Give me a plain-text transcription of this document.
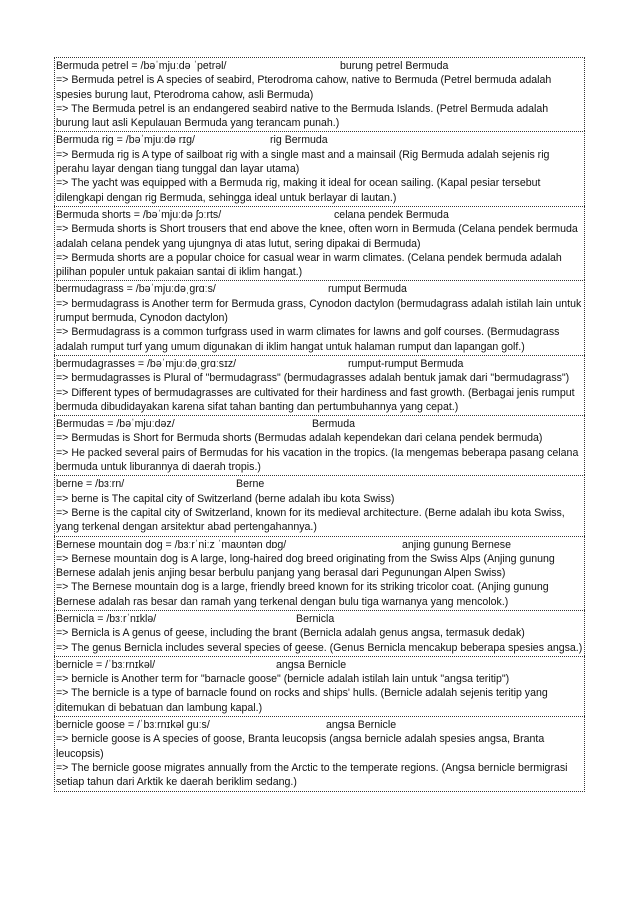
Bermuda petrel = /bəˈmjuːdə ˈpetrəl/	burung petrel Bermuda
=> Bermuda petrel is A species of seabird, Pterodroma cahow, native to Bermuda (Petrel bermuda adalah spesies burung laut, Pterodroma cahow, asli Bermuda)
=> The Bermuda petrel is an endangered seabird native to the Bermuda Islands. (Petrel Bermuda adalah burung laut asli Kepulauan Bermuda yang terancam punah.)
Bermuda rig = /bəˈmjuːdə rɪɡ/	rig Bermuda
=> Bermuda rig is A type of sailboat rig with a single mast and a mainsail (Rig Bermuda adalah sejenis rig perahu layar dengan tiang tunggal dan layar utama)
=> The yacht was equipped with a Bermuda rig, making it ideal for ocean sailing. (Kapal pesiar tersebut dilengkapi dengan rig Bermuda, sehingga ideal untuk berlayar di lautan.)
Bermuda shorts = /bəˈmjuːdə ʃɔːrts/	celana pendek Bermuda
=> Bermuda shorts is Short trousers that end above the knee, often worn in Bermuda (Celana pendek bermuda adalah celana pendek yang ujungnya di atas lutut, sering dipakai di Bermuda)
=> Bermuda shorts are a popular choice for casual wear in warm climates. (Celana pendek bermuda adalah pilihan populer untuk pakaian santai di iklim hangat.)
bermudagrass = /bəˈmjuːdəˌɡrɑːs/	rumput Bermuda
=> bermudagrass is Another term for Bermuda grass, Cynodon dactylon (bermudagrass adalah istilah lain untuk rumput bermuda, Cynodon dactylon)
=> Bermudagrass is a common turfgrass used in warm climates for lawns and golf courses. (Bermudagrass adalah rumput turf yang umum digunakan di iklim hangat untuk halaman rumput dan lapangan golf.)
bermudagrasses = /bəˈmjuːdəˌɡrɑːsɪz/	rumput-rumput Bermuda
=> bermudagrasses is Plural of "bermudagrass" (bermudagrasses adalah bentuk jamak dari "bermudagrass")
=> Different types of bermudagrasses are cultivated for their hardiness and fast growth. (Berbagai jenis rumput bermuda dibudidayakan karena sifat tahan banting dan pertumbuhannya yang cepat.)
Bermudas = /bəˈmjuːdəz/	Bermuda
=> Bermudas is Short for Bermuda shorts (Bermudas adalah kependekan dari celana pendek bermuda)
=> He packed several pairs of Bermudas for his vacation in the tropics. (Ia mengemas beberapa pasang celana bermuda untuk liburannya di daerah tropis.)
berne = /bɜːrn/	Berne
=> berne is The capital city of Switzerland (berne adalah ibu kota Swiss)
=> Berne is the capital city of Switzerland, known for its medieval architecture. (Berne adalah ibu kota Swiss, yang terkenal dengan arsitektur abad pertengahannya.)
Bernese mountain dog = /bɜːrˈniːz ˈmaʊntən dɒɡ/	anjing gunung Bernese
=> Bernese mountain dog is A large, long-haired dog breed originating from the Swiss Alps (Anjing gunung Bernese adalah jenis anjing besar berbulu panjang yang berasal dari Pegunungan Alpen Swiss)
=> The Bernese mountain dog is a large, friendly breed known for its striking tricolor coat. (Anjing gunung Bernese adalah ras besar dan ramah yang terkenal dengan bulu tiga warnanya yang mencolok.)
Bernicla = /bɜːrˈnɪklə/	Bernicla
=> Bernicla is A genus of geese, including the brant (Bernicla adalah genus angsa, termasuk dedak)
=> The genus Bernicla includes several species of geese. (Genus Bernicla mencakup beberapa spesies angsa.)
bernicle = /ˈbɜːrnɪkəl/	angsa Bernicle
=> bernicle is Another term for "barnacle goose" (bernicle adalah istilah lain untuk "angsa teritip")
=> The bernicle is a type of barnacle found on rocks and ships' hulls. (Bernicle adalah sejenis teritip yang ditemukan di bebatuan dan lambung kapal.)
bernicle goose = /ˈbɜːrnɪkəl ɡuːs/	angsa Bernicle
=> bernicle goose is A species of goose, Branta leucopsis (angsa bernicle adalah spesies angsa, Branta leucopsis)
=> The bernicle goose migrates annually from the Arctic to the temperate regions. (Angsa bernicle bermigrasi setiap tahun dari Arktik ke daerah beriklim sedang.)
